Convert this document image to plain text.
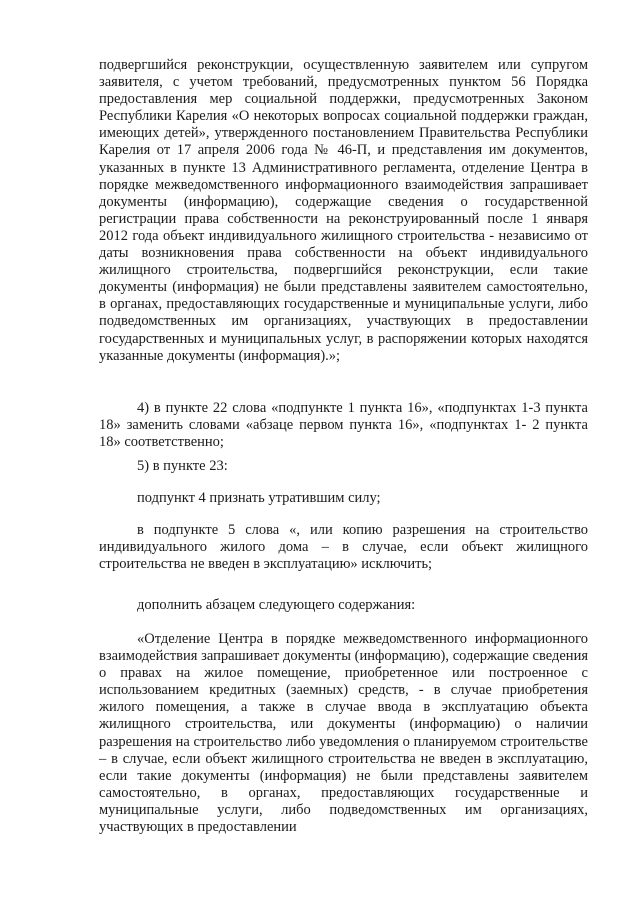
подвергшийся реконструкции, осуществленную заявителем или супругом заявителя, с учетом требований, предусмотренных пунктом 56 Порядка предоставления мер социальной поддержки, предусмотренных Законом Республики Карелия «О некоторых вопросах социальной поддержки граждан, имеющих детей», утвержденного постановлением Правительства Республики Карелия от 17 апреля 2006 года № 46-П, и представления им документов, указанных в пункте 13 Административного регламента, отделение Центра в порядке межведомственного информационного взаимодействия запрашивает документы (информацию), содержащие сведения о государственной регистрации права собственности на реконструированный после 1 января 2012 года объект индивидуального жилищного строительства - независимо от даты возникновения права собственности на объект индивидуального жилищного строительства, подвергшийся реконструкции, если такие документы (информация) не были представлены заявителем самостоятельно, в органах, предоставляющих государственные и муниципальные услуги, либо подведомственных им организациях, участвующих в предоставлении государственных и муниципальных услуг, в распоряжении которых находятся указанные документы (информация).»;

4) в пункте 22 слова «подпункте 1 пункта 16», «подпунктах 1-3 пункта 18» заменить словами «абзаце первом пункта 16», «подпунктах 1- 2 пункта 18» соответственно;

5) в пункте 23:

подпункт 4 признать утратившим силу;

в подпункте 5 слова «, или копию разрешения на строительство индивидуального жилого дома – в случае, если объект жилищного строительства не введен в эксплуатацию» исключить;

дополнить абзацем следующего содержания:

«Отделение Центра в порядке межведомственного информационного взаимодействия запрашивает документы (информацию), содержащие сведения о правах на жилое помещение, приобретенное или построенное с использованием кредитных (заемных) средств, - в случае приобретения жилого помещения, а также в случае ввода в эксплуатацию объекта жилищного строительства, или документы (информацию) о наличии разрешения на строительство либо уведомления о планируемом строительстве – в случае, если объект жилищного строительства не введен в эксплуатацию, если такие документы (информация) не были представлены заявителем самостоятельно, в органах, предоставляющих государственные и муниципальные услуги, либо подведомственных им организациях, участвующих в предоставлении
